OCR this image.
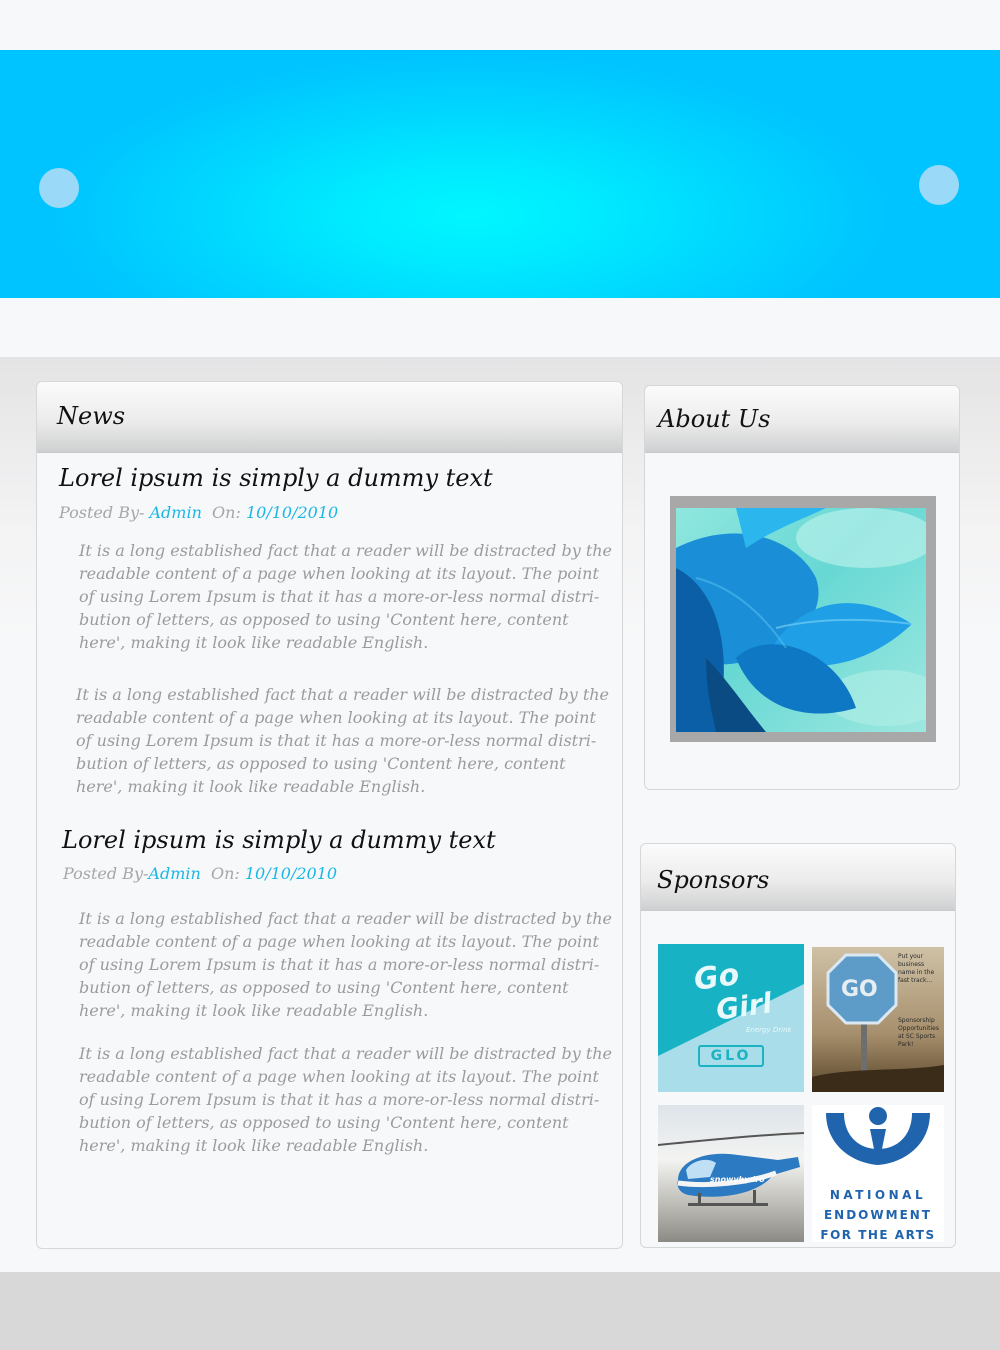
News
Lorel ipsum is simply a dummy text
Posted By- Admin On: 10/10/2010
It is a long established fact that a reader will be distracted by the
readable content of a page when looking at its layout. The point
of using Lorem Ipsum is that it has a more-or-less normal distri-
bution of letters, as opposed to using 'Content here, content
here', making it look like readable English.
It is a long established fact that a reader will be distracted by the
readable content of a page when looking at its layout. The point
of using Lorem Ipsum is that it has a more-or-less normal distri-
bution of letters, as opposed to using 'Content here, content
here', making it look like readable English.
Lorel ipsum is simply a dummy text
Posted By-Admin On: 10/10/2010
It is a long established fact that a reader will be distracted by the
readable content of a page when looking at its layout. The point
of using Lorem Ipsum is that it has a more-or-less normal distri-
bution of letters, as opposed to using 'Content here, content
here', making it look like readable English.
It is a long established fact that a reader will be distracted by the
readable content of a page when looking at its layout. The point
of using Lorem Ipsum is that it has a more-or-less normal distri-
bution of letters, as opposed to using 'Content here, content
here', making it look like readable English.
About Us
Sponsors
Go
Girl
Energy Drink
GLO
GO
Put your business name in the fast track...
Sponsorship Opportunities at SC Sports Park!
snowyhydro
NATIONAL
ENDOWMENT
FOR THE ARTS
